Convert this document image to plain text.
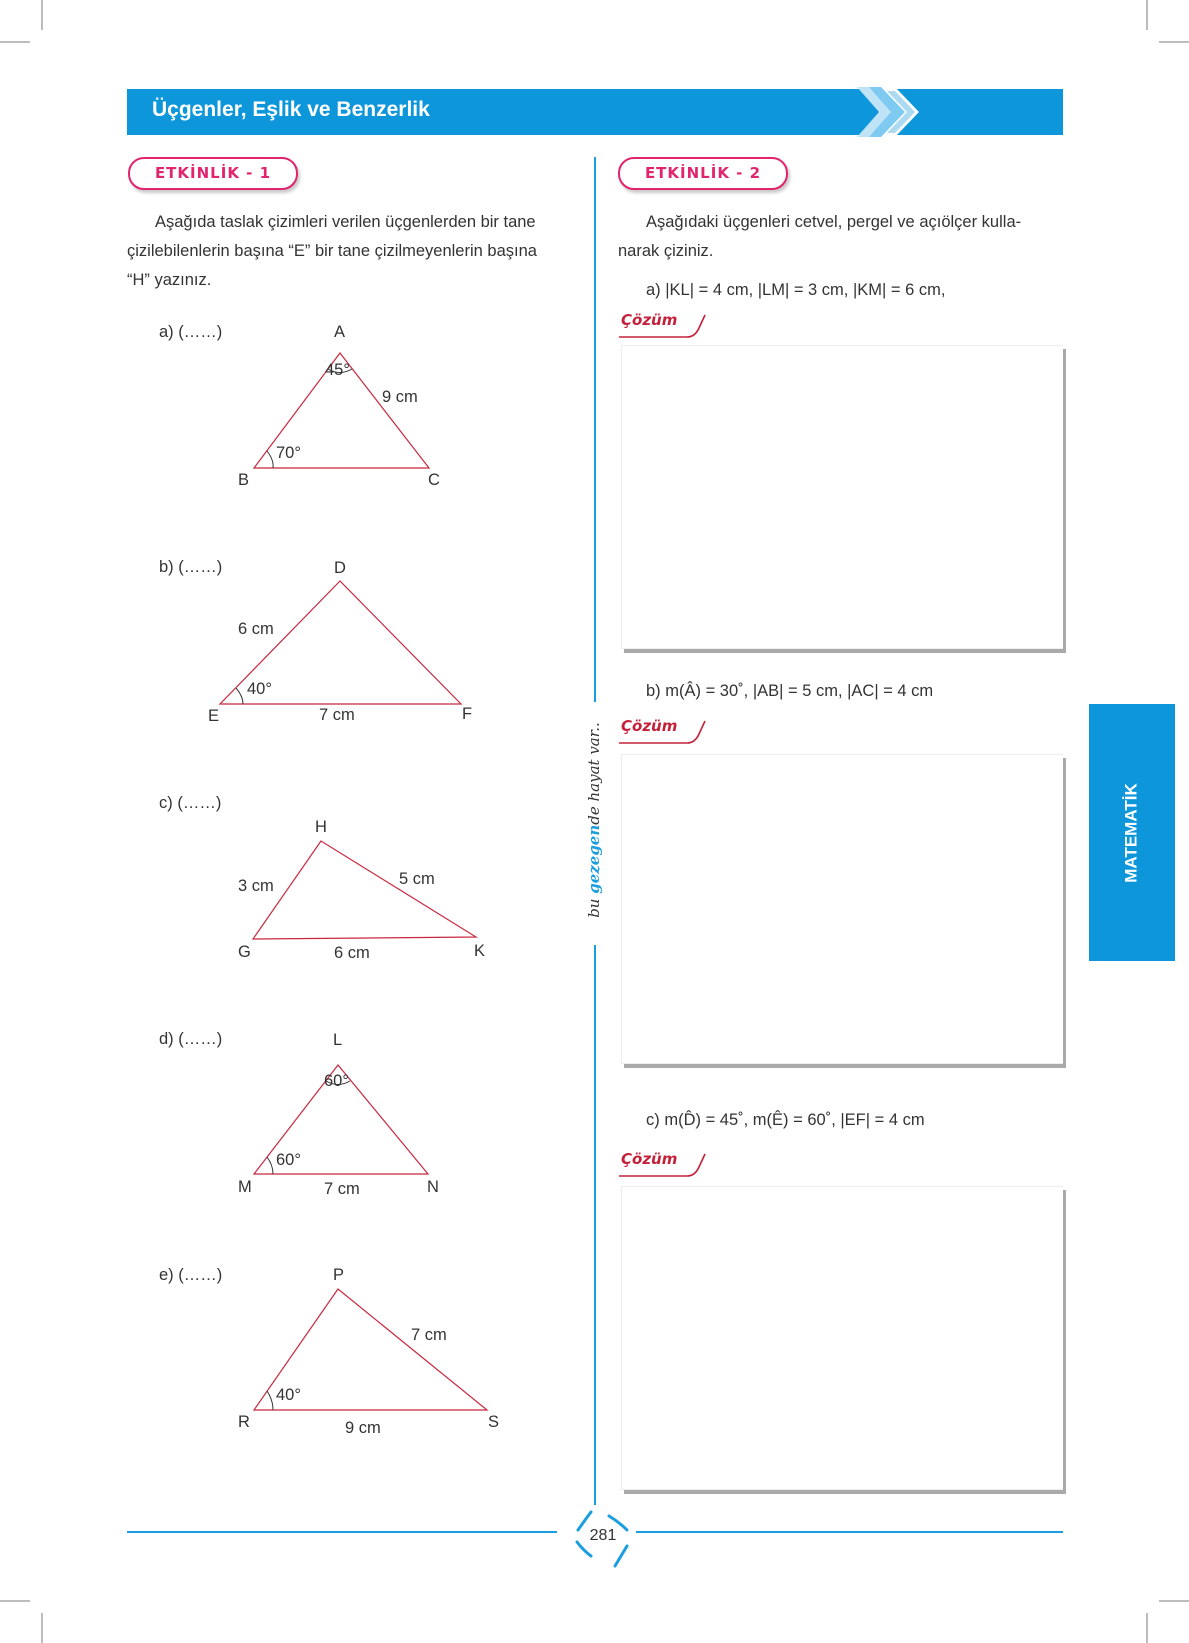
Üçgenler, Eşlik ve Benzerlik
ETKİNLİK - 1	ETKİNLİK - 2
bu gezegende hayat var..
Aşağıda taslak çizimleri verilen üçgenlerden bir tane
çizilebilenlerin başına “E” bir tane çizilmeyenlerin başına
“H” yazınız.
a) (……)	A
B	C
45°
70°
9 cm
b) (……)	D
E	F
6 cm
40°
7 cm
c) (……)
H
G	K
3 cm	5 cm
6 cm
d) (……)	L
M	N
60°
60°
7 cm
e) (……)	P
R	S
7 cm
40°
9 cm
Aşağıdaki üçgenleri cetvel, pergel ve açıölçer kulla-
narak çiziniz.
a) |KL| = 4 cm, |LM| = 3 cm, |KM| = 6 cm,
Çözüm
b) m(Â) = 30˚, |AB| = 5 cm, |AC| = 4 cm
Çözüm
c) m(D̂) = 45˚, m(Ê) = 60˚, |EF| = 4 cm
Çözüm
MATEMATİK
281
